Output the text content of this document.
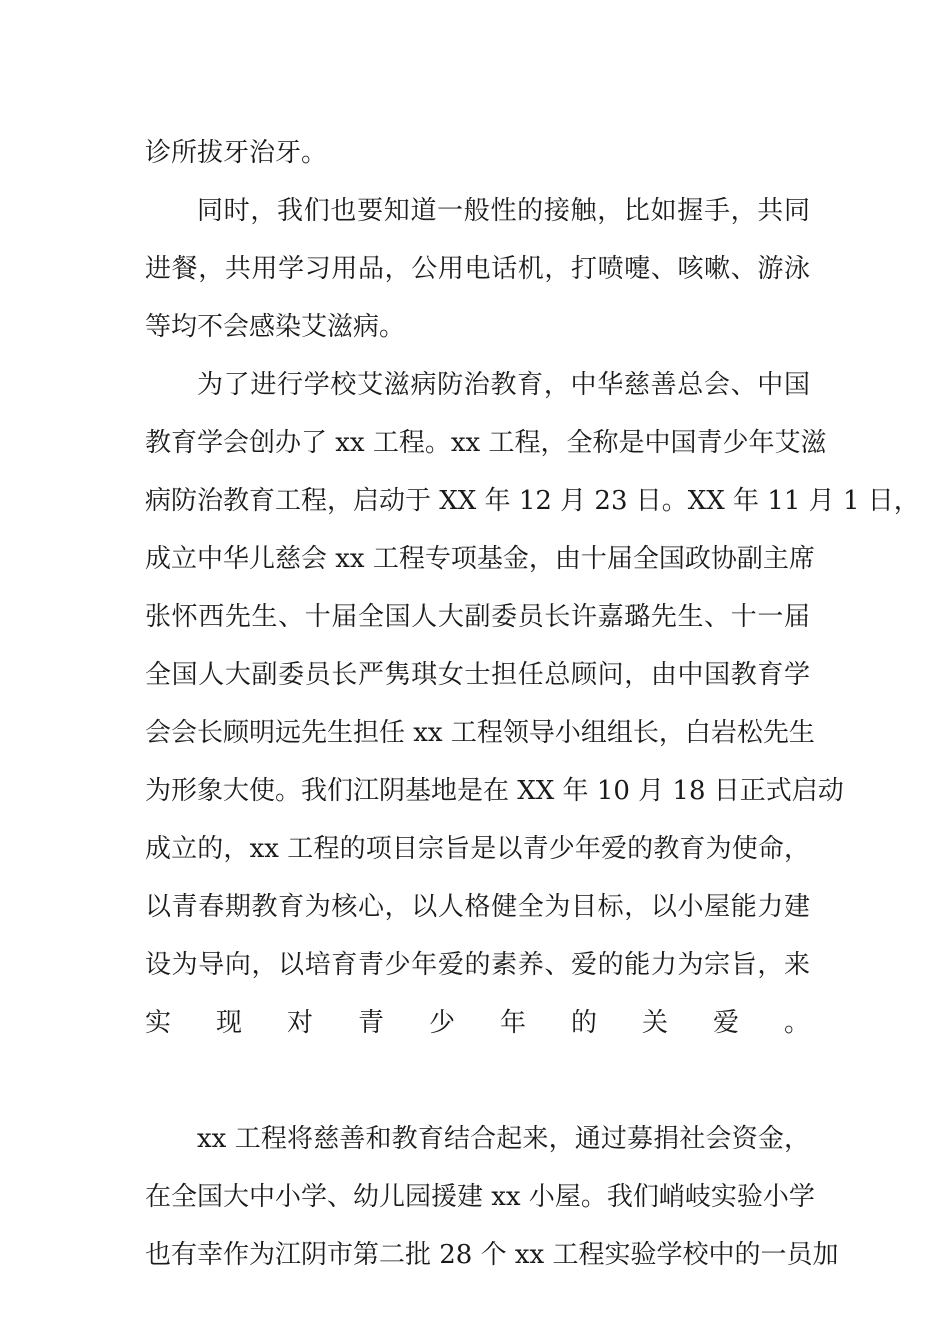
诊所拔牙治牙。
同时，我们也要知道一般性的接触，比如握手，共同
进餐，共用学习用品，公用电话机，打喷嚏、咳嗽、游泳
等均不会感染艾滋病。
为了进行学校艾滋病防治教育，中华慈善总会、中国
教育学会创办了 xx 工程。xx 工程，全称是中国青少年艾滋
病防治教育工程，启动于 XX 年 12 月 23 日。XX 年 11 月 1 日，
成立中华儿慈会 xx 工程专项基金，由十届全国政协副主席
张怀西先生、十届全国人大副委员长许嘉璐先生、十一届
全国人大副委员长严隽琪女士担任总顾问，由中国教育学
会会长顾明远先生担任 xx 工程领导小组组长，白岩松先生
为形象大使。我们江阴基地是在 XX 年 10 月 18 日正式启动
成立的，xx 工程的项目宗旨是以青少年爱的教育为使命，
以青春期教育为核心，以人格健全为目标，以小屋能力建
设为导向，以培育青少年爱的素养、爱的能力为宗旨，来
实现对青少年的关爱。
xx 工程将慈善和教育结合起来，通过募捐社会资金，
在全国大中小学、幼儿园援建 xx 小屋。我们峭岐实验小学
也有幸作为江阴市第二批 28 个 xx 工程实验学校中的一员加
